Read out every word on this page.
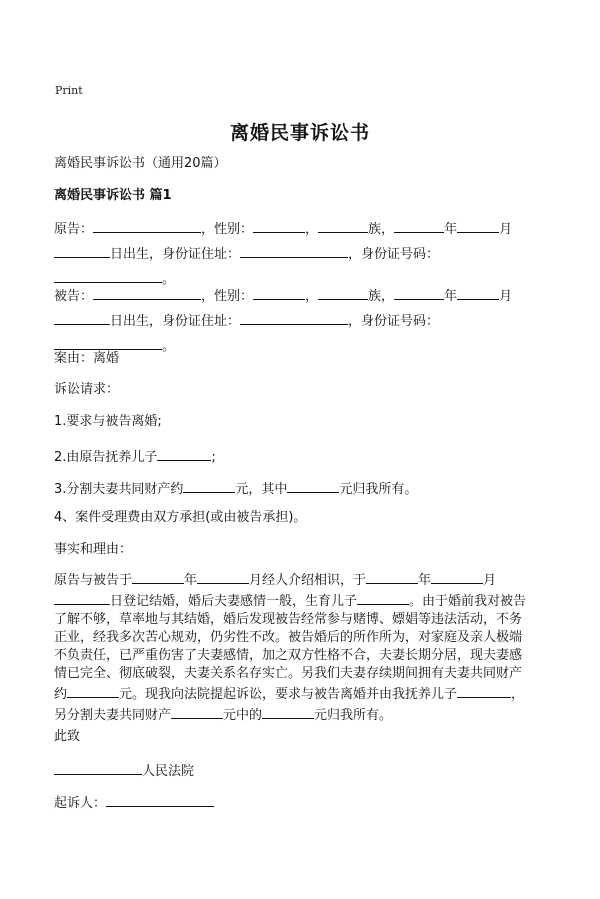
Print
离婚民事诉讼书
离婚民事诉讼书（通用20篇）
离婚民事诉讼书 篇1
原告：	，性别：	，	族，	年	月
日出生，身份证住址：	，身份证号码：
。
被告：	，性别：	，	族，	年	月
日出生，身份证住址：	，身份证号码：
。
案由：离婚
诉讼请求：
1.要求与被告离婚;
2.由原告抚养儿子	;
3.分割夫妻共同财产约	元，其中	元归我所有。
4、案件受理费由双方承担(或由被告承担)。
事实和理由：
原告与被告于	年	月经人介绍相识，于	年	月
日登记结婚，婚后夫妻感情一般，生育儿子	。由于婚前我对被告
了解不够，草率地与其结婚，婚后发现被告经常参与赌博、嫖娼等违法活动，不务
正业，经我多次苦心规劝，仍劣性不改。被告婚后的所作所为，对家庭及亲人极端
不负责任，已严重伤害了夫妻感情，加之双方性格不合，夫妻长期分居，现夫妻感
情已完全、彻底破裂，夫妻关系名存实亡。另我们夫妻存续期间拥有夫妻共同财产
约	元。现我向法院提起诉讼，要求与被告离婚并由我抚养儿子	，
另分割夫妻共同财产	元中的	元归我所有。
此致
人民法院
起诉人：
